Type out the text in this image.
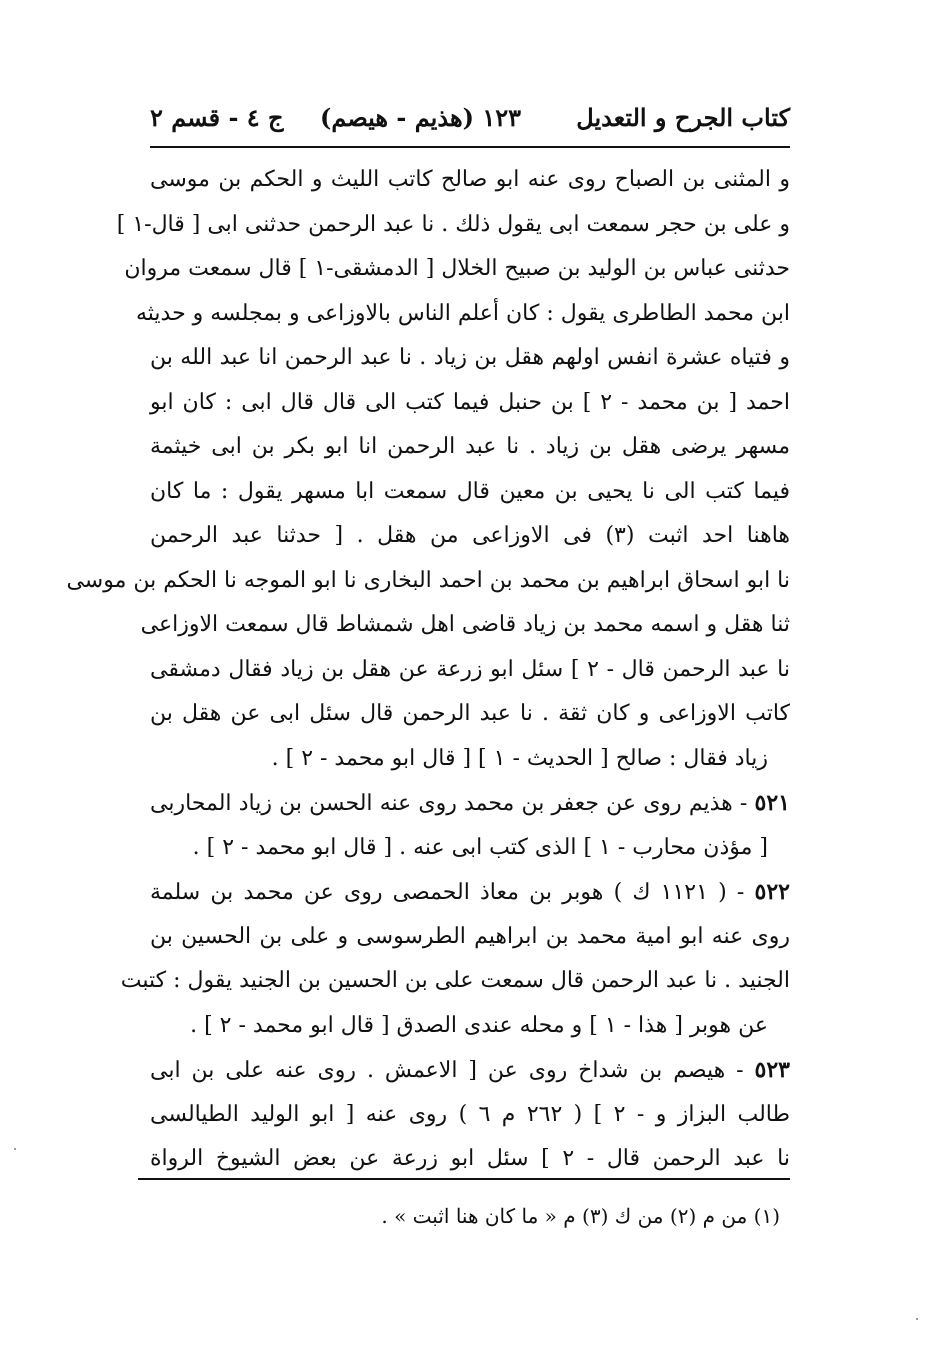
كتاب الجرح و التعديل
١٢٣ (هذيم - هيصم)
ج ٤ - قسم ٢
و المثنى بن الصباح روى عنه ابو صالح كاتب الليث و الحكم بن موسى
و على بن حجر سمعت ابى يقول ذلك . نا عبد الرحمن حدثنى ابى [ قال-١ ]
حدثنى عباس بن الوليد بن صبيح الخلال [ الدمشقى-١ ] قال سمعت مروان
ابن محمد الطاطرى يقول : كان أعلم الناس بالاوزاعى و بمجلسه و حديثه
و فتياه عشرة انفس اولهم هقل بن زياد . نا عبد الرحمن انا عبد الله بن
احمد [ بن محمد - ٢ ] بن حنبل فيما كتب الى قال قال ابى : كان ابو
مسهر يرضى هقل بن زياد . نا عبد الرحمن انا ابو بكر بن ابى خيثمة
فيما كتب الى نا يحيى بن معين قال سمعت ابا مسهر يقول : ما كان
هاهنا احد اثبت (٣) فى الاوزاعى من هقل . [ حدثنا عبد الرحمن
نا ابو اسحاق ابراهيم بن محمد بن احمد البخارى نا ابو الموجه نا الحكم بن موسى
ثنا هقل و اسمه محمد بن زياد قاضى اهل شمشاط قال سمعت الاوزاعى
نا عبد الرحمن قال - ٢ ] سئل ابو زرعة عن هقل بن زياد فقال دمشقى
كاتب الاوزاعى و كان ثقة . نا عبد الرحمن قال سئل ابى عن هقل بن
زياد فقال : صالح [ الحديث - ١ ] [ قال ابو محمد - ٢ ] .
٥٢١ - هذيم روى عن جعفر بن محمد روى عنه الحسن بن زياد المحاربى
[ مؤذن محارب - ١ ] الذى كتب ابى عنه . [ قال ابو محمد - ٢ ] .
٥٢٢ - ( ١١٢١ ك ) هوبر بن معاذ الحمصى روى عن محمد بن سلمة
روى عنه ابو امية محمد بن ابراهيم الطرسوسى و على بن الحسين بن
الجنيد . نا عبد الرحمن قال سمعت على بن الحسين بن الجنيد يقول : كتبت
عن هوبر [ هذا - ١ ] و محله عندى الصدق [ قال ابو محمد - ٢ ] .
٥٢٣ - هيصم بن شداخ روى عن [ الاعمش . روى عنه على بن ابى
طالب البزاز و - ٢ ] ( ٢٦٢ م ٦ ) روى عنه [ ابو الوليد الطيالسى
نا عبد الرحمن قال - ٢ ] سئل ابو زرعة عن بعض الشيوخ الرواة
(١) من م (٢) من ك (٣) م « ما كان هنا اثبت » .
